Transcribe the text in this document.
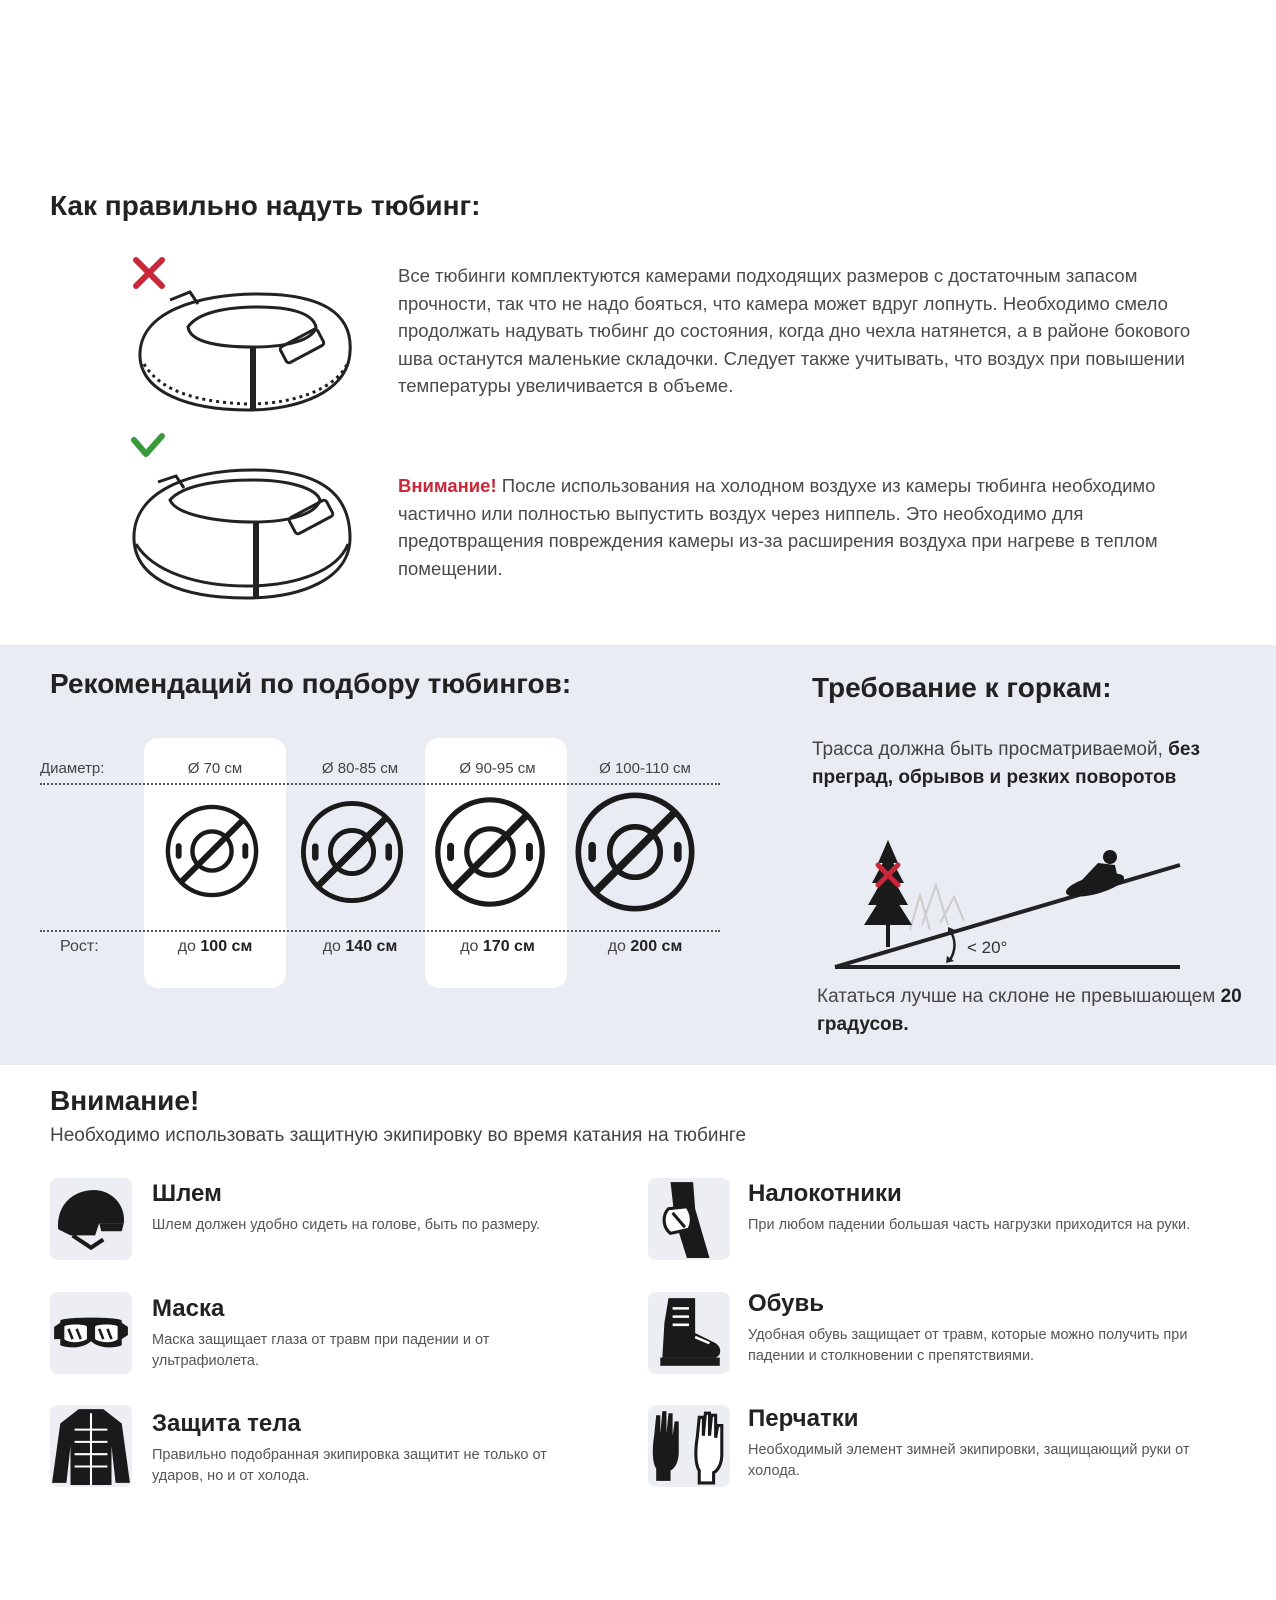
Как правильно надуть тюбинг:

Все тюбинги комплектуются камерами подходящих размеров с достаточным запасом прочности, так что не надо бояться, что камера может вдруг лопнуть. Необходимо смело продолжать надувать тюбинг до состояния, когда дно чехла натянется, а в районе бокового шва останутся маленькие складочки. Следует также учитывать, что воздух при повышении температуры увеличивается в объеме.

Внимание! После использования на холодном воздухе из камеры тюбинга необходимо частично или полностью выпустить воздух через ниппель. Это необходимо для предотвращения повреждения камеры из-за расширения воздуха при нагреве в теплом помещении.

Рекомендаций по подбору тюбингов:
Диаметр:
Рост:
Ø 70 см	Ø 80-85 см	Ø 90-95 см	Ø 100-110 см
до 100 см	до 140 см	до 170 см	до 200 см
Требование к горкам:

Трасса должна быть просматриваемой, без преград, обрывов и резких поворотов

< 20°

Кататься лучше на склоне не превышающем 20 градусов.

Внимание!

Необходимо использовать защитную экипировку во время катания на тюбинге

Шлем
Шлем должен удобно сидеть на голове, быть по размеру.
Налокотники
При любом падении большая часть нагрузки приходится на руки.
Маска
Маска защищает глаза от травм при падении и от ультрафиолета.
Обувь
Удобная обувь защищает от травм, которые можно получить при падении и столкновении с препятствиями.
Защита тела
Правильно подобранная экипировка защитит не только от ударов, но и от холода.
Перчатки
Необходимый элемент зимней экипировки, защищающий руки от холода.
